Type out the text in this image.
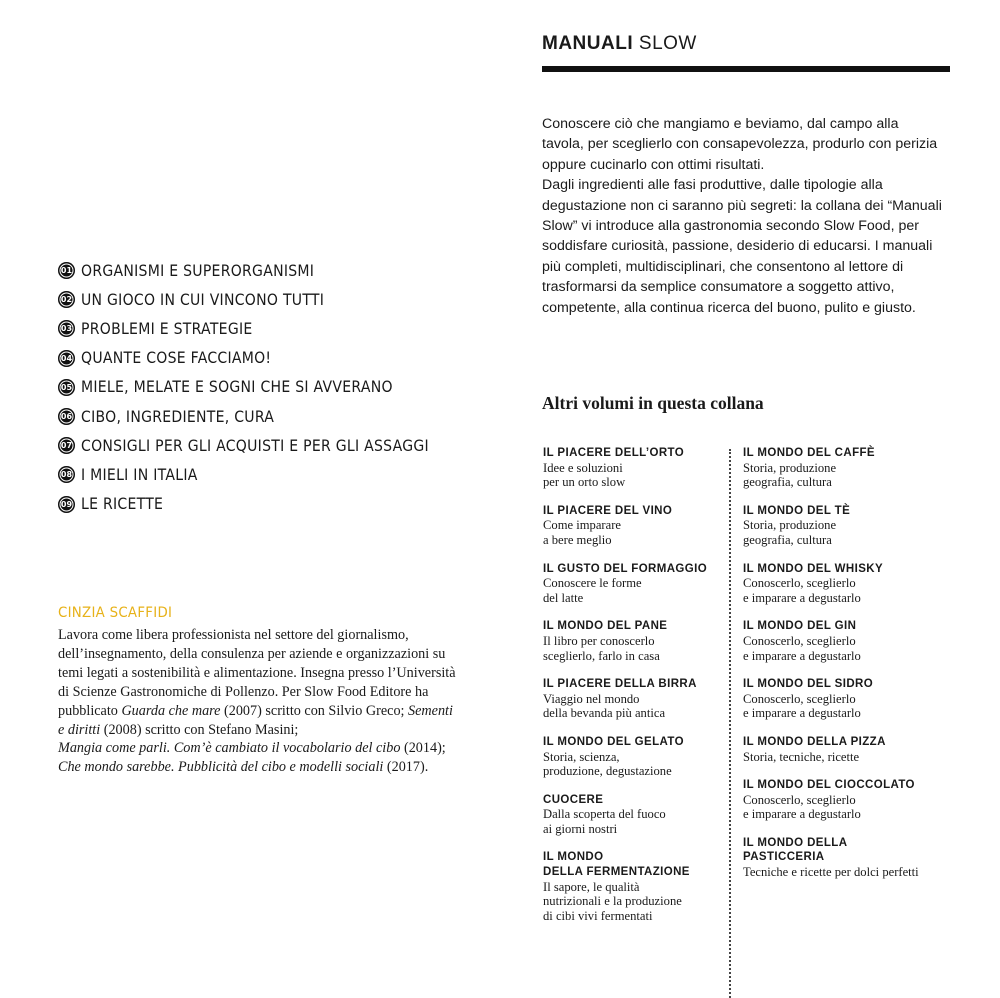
MANUALI SLOW

Conoscere ciò che mangiamo e beviamo, dal campo alla tavola, per sceglierlo con consapevolezza, produrlo con perizia oppure cucinarlo con ottimi risultati.

Dagli ingredienti alle fasi produttive, dalle tipologie alla degustazione non ci saranno più segreti: la collana dei “Manuali Slow” vi introduce alla gastronomia secondo Slow Food, per soddisfare curiosità, passione, desiderio di educarsi. I manuali più completi, multidisciplinari, che consentono al lettore di trasformarsi da semplice consumatore a soggetto attivo, competente, alla continua ricerca del buono, pulito e giusto.

01 ORGANISMI E SUPERORGANISMI
02 UN GIOCO IN CUI VINCONO TUTTI
03 PROBLEMI E STRATEGIE
04 QUANTE COSE FACCIAMO!
05 MIELE, MELATE E SOGNI CHE SI AVVERANO
06 CIBO, INGREDIENTE, CURA
07 CONSIGLI PER GLI ACQUISTI E PER GLI ASSAGGI
08 I MIELI IN ITALIA
09 LE RICETTE
CINZIA SCAFFIDI

Lavora come libera professionista nel settore del giornalismo, dell’insegnamento, della consulenza per aziende e organizzazioni su temi legati a sostenibilità e alimentazione. Insegna presso l’Università di Scienze Gastronomiche di Pollenzo. Per Slow Food Editore ha pubblicato Guarda che mare (2007) scritto con Silvio Greco; Sementi e diritti (2008) scritto con Stefano Masini;
Mangia come parli. Com’è cambiato il vocabolario del cibo (2014);
Che mondo sarebbe. Pubblicità del cibo e modelli sociali (2017).

Altri volumi in questa collana
IL PIACERE DELL’ORTO
Idee e soluzioni
per un orto slow
IL PIACERE DEL VINO
Come imparare
a bere meglio
IL GUSTO DEL FORMAGGIO
Conoscere le forme
del latte
IL MONDO DEL PANE
Il libro per conoscerlo
sceglierlo, farlo in casa
IL PIACERE DELLA BIRRA
Viaggio nel mondo
della bevanda più antica
IL MONDO DEL GELATO
Storia, scienza,
produzione, degustazione
CUOCERE
Dalla scoperta del fuoco
ai giorni nostri
IL MONDO
DELLA FERMENTAZIONE
Il sapore, le qualità
nutrizionali e la produzione
di cibi vivi fermentati
IL MONDO DEL CAFFÈ
Storia, produzione
geografia, cultura
IL MONDO DEL TÈ
Storia, produzione
geografia, cultura
IL MONDO DEL WHISKY
Conoscerlo, sceglierlo
e imparare a degustarlo
IL MONDO DEL GIN
Conoscerlo, sceglierlo
e imparare a degustarlo
IL MONDO DEL SIDRO
Conoscerlo, sceglierlo
e imparare a degustarlo
IL MONDO DELLA PIZZA
Storia, tecniche, ricette
IL MONDO DEL CIOCCOLATO
Conoscerlo, sceglierlo
e imparare a degustarlo
IL MONDO DELLA
PASTICCERIA
Tecniche e ricette per dolci perfetti
